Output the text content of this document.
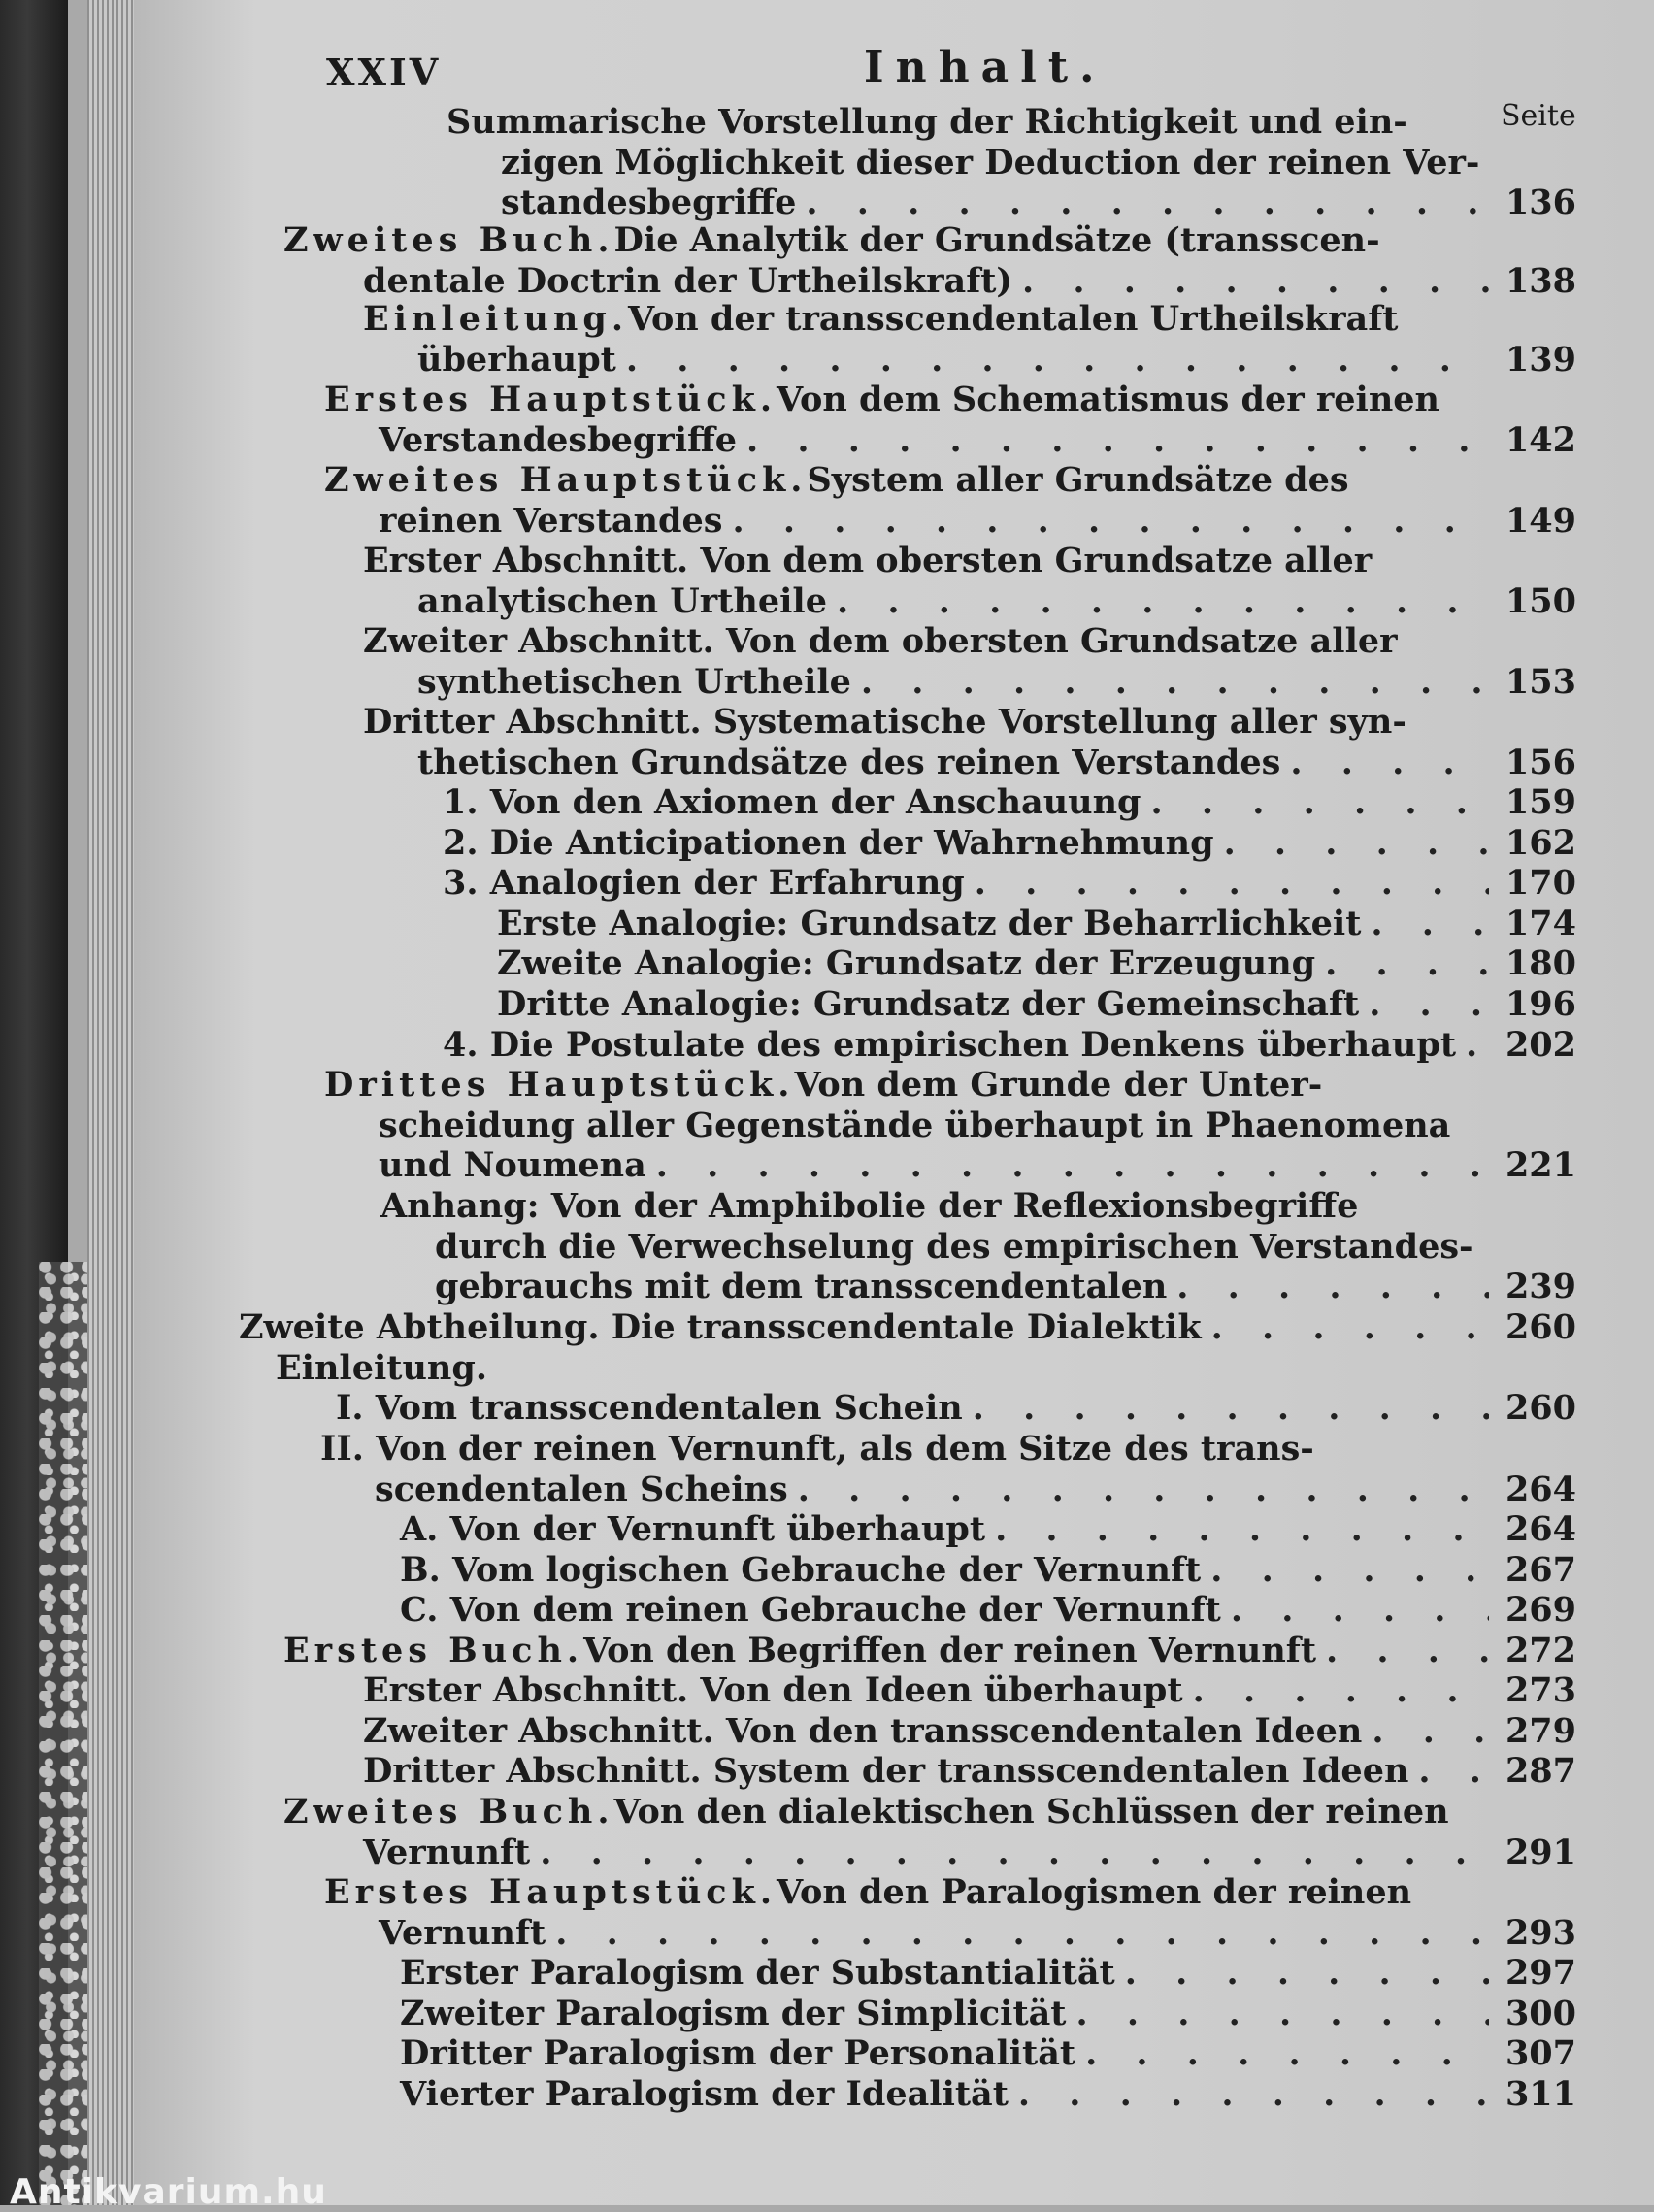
XXIV	Inhalt.
Seite
Summarische Vorstellung der Richtigkeit und ein-
zigen Möglichkeit dieser Deduction der reinen Ver-
standesbegriffe . . .	136
Zweites Buch. Die Analytik der Grundsätze (transscen-
dentale Doctrin der Urtheilskraft) . . .	138
Einleitung. Von der transscendentalen Urtheilskraft
überhaupt . . .	139
Erstes Hauptstück. Von dem Schematismus der reinen
Verstandesbegriffe . . .	142
Zweites Hauptstück. System aller Grundsätze des
reinen Verstandes . . .	149
Erster Abschnitt. Von dem obersten Grundsatze aller
analytischen Urtheile . . .	150
Zweiter Abschnitt. Von dem obersten Grundsatze aller
synthetischen Urtheile . . .	153
Dritter Abschnitt. Systematische Vorstellung aller syn-
thetischen Grundsätze des reinen Verstandes . . .	156
1. Von den Axiomen der Anschauung . . .	159
2. Die Anticipationen der Wahrnehmung . . .	162
3. Analogien der Erfahrung . . .	170
Erste Analogie: Grundsatz der Beharrlichkeit . . .	174
Zweite Analogie: Grundsatz der Erzeugung . . .	180
Dritte Analogie: Grundsatz der Gemeinschaft . . .	196
4. Die Postulate des empirischen Denkens überhaupt . . . 202
Drittes Hauptstück. Von dem Grunde der Unter-
scheidung aller Gegenstände überhaupt in Phaenomena
und Noumena . . .	221
Anhang: Von der Amphibolie der Reflexionsbegriffe
durch die Verwechselung des empirischen Verstandes-
gebrauchs mit dem transscendentalen . . .	239
Zweite Abtheilung. Die transscendentale Dialektik . . .	260
Einleitung.
I. Vom transscendentalen Schein . . .	260
II. Von der reinen Vernunft, als dem Sitze des trans-
scendentalen Scheins . . .	264
A. Von der Vernunft überhaupt . . .	264
B. Vom logischen Gebrauche der Vernunft . . .	267
C. Von dem reinen Gebrauche der Vernunft . . .	269
Erstes Buch. Von den Begriffen der reinen Vernunft . . .	272
Erster Abschnitt. Von den Ideen überhaupt . . .	273
Zweiter Abschnitt. Von den transscendentalen Ideen . . .	279
Dritter Abschnitt. System der transscendentalen Ideen . . .	287
Zweites Buch. Von den dialektischen Schlüssen der reinen
Vernunft . . .	291
Erstes Hauptstück. Von den Paralogismen der reinen
Vernunft . . .	293
Erster Paralogism der Substantialität . . .	297
Zweiter Paralogism der Simplicität . . .	300
Dritter Paralogism der Personalität . . .	307
Vierter Paralogism der Idealität . . .	311
Antikvarium.hu
